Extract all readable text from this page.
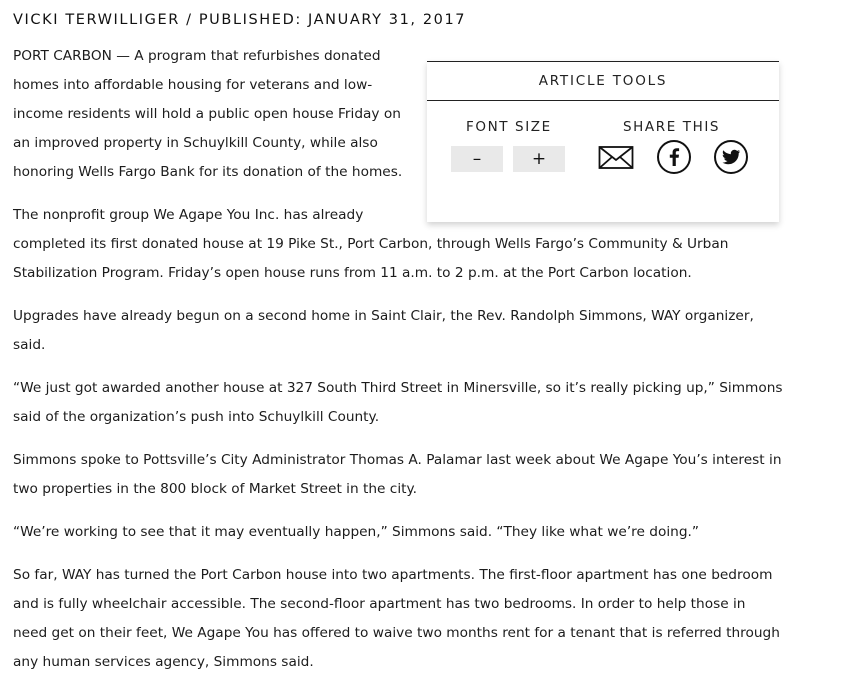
VICKI TERWILLIGER / PUBLISHED: JANUARY 31, 2017

PORT CARBON — A program that refurbishes donated homes into affordable housing for veterans and low-income residents will hold a public open house Friday on an improved property in Schuylkill County, while also honoring Wells Fargo Bank for its donation of the homes.

The nonprofit group We Agape You Inc. has already completed its first donated house at 19 Pike St., Port Carbon, through Wells Fargo’s Community & Urban Stabilization Program. Friday’s open house runs from 11 a.m. to 2 p.m. at the Port Carbon location.

Upgrades have already begun on a second home in Saint Clair, the Rev. Randolph Simmons, WAY organizer, said.

“We just got awarded another house at 327 South Third Street in Minersville, so it’s really picking up,” Simmons said of the organization’s push into Schuylkill County.

Simmons spoke to Pottsville’s City Administrator Thomas A. Palamar last week about We Agape You’s interest in two properties in the 800 block of Market Street in the city.

“We’re working to see that it may eventually happen,” Simmons said. “They like what we’re doing.”

So far, WAY has turned the Port Carbon house into two apartments. The first-floor apartment has one bedroom and is fully wheelchair accessible. The second-floor apartment has two bedrooms. In order to help those in need get on their feet, We Agape You has offered to waive two months rent for a tenant that is referred through any human services agency, Simmons said.

ARTICLE TOOLS
FONT SIZE	SHARE THIS
–	+
